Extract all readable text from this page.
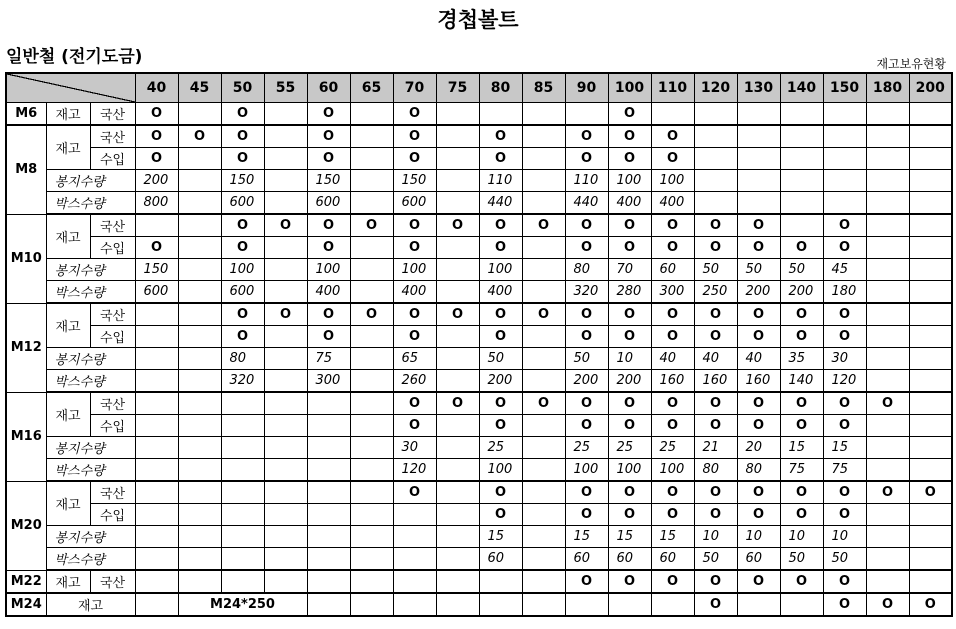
경첩볼트
일반철 (전기도금)	재고보유현황
			40	45	50	55	60	65	70	75	80	85	90	100	110	120	130	140	150	180	200
M6	재고	국산	O		O		O		O					O							
M8	재고	국산	O	O	O		O		O		O		O	O	O						
		수입	O		O		O		O		O		O	O	O						
	봉지수량		200		150		150		150		110		110	100	100						
	박스수량		800		600		600		600		440		440	400	400						
M10	재고	국산			O	O	O	O	O	O	O	O	O	O	O	O	O		O		
		수입	O		O		O		O		O		O	O	O	O	O	O	O		
	봉지수량		150		100		100		100		100		80	70	60	50	50	50	45		
	박스수량		600		600		400		400		400		320	280	300	250	200	200	180		
M12	재고	국산			O	O	O	O	O	O	O	O	O	O	O	O	O	O	O		
		수입			O		O		O		O		O	O	O	O	O	O	O		
	봉지수량				80		75		65		50		50	10	40	40	40	35	30		
	박스수량				320		300		260		200		200	200	160	160	160	140	120		
M16	재고	국산							O	O	O	O	O	O	O	O	O	O	O	O	
		수입							O		O		O	O	O	O	O	O	O		
	봉지수량								30		25		25	25	25	21	20	15	15		
	박스수량								120		100		100	100	100	80	80	75	75		
M20	재고	국산							O		O		O	O	O	O	O	O	O	O	O
		수입									O		O	O	O	O	O	O	O		
	봉지수량										15		15	15	15	10	10	10	10		
	박스수량										60		60	60	60	50	60	50	50		
M22	재고	국산											O	O	O	O	O	O	O		
M24	재고			M24*250												O			O	O	O
